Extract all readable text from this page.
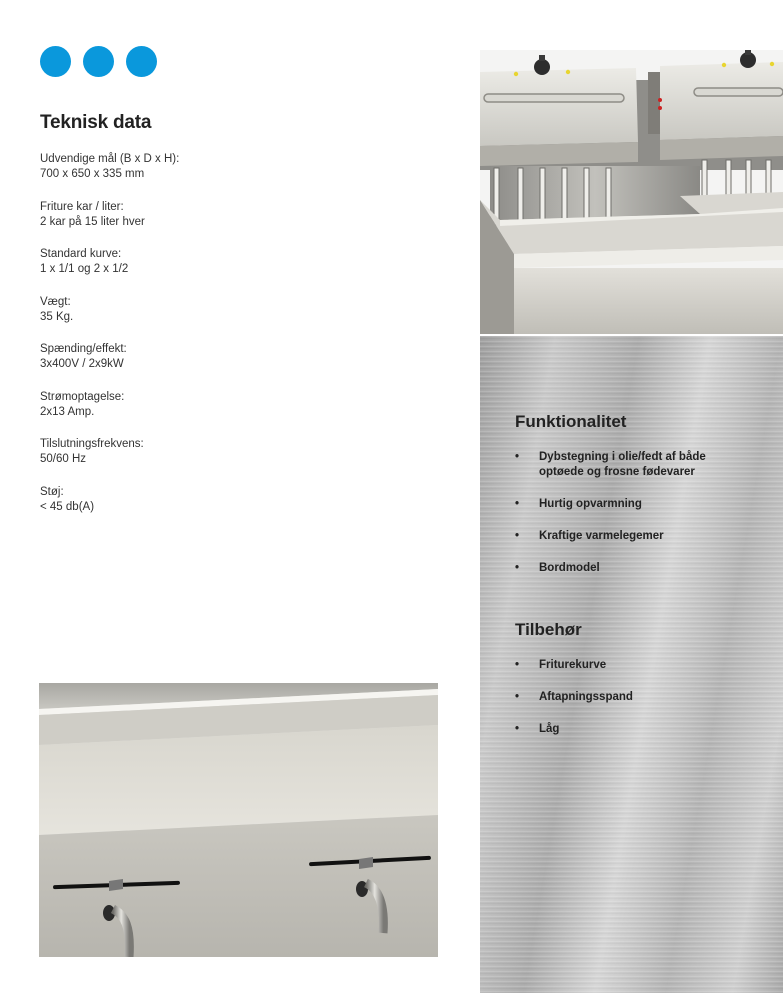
Teknisk data
Udvendige mål (B x D x H):
700 x 650 x 335 mm
Friture kar / liter:
2 kar på 15 liter hver
Standard kurve:
1 x 1/1 og 2 x 1/2
Vægt:
35 Kg.
Spænding/effekt:
3x400V / 2x9kW
Strømoptagelse:
2x13 Amp.
Tilslutningsfrekvens:
50/60 Hz
Støj:
< 45 db(A)
Funktionalitet
• Dybstegning i olie/fedt af både
optøede og frosne fødevarer
• Hurtig opvarmning
• Kraftige varmelegemer
• Bordmodel
Tilbehør
• Friturekurve
• Aftapningsspand
• Låg
